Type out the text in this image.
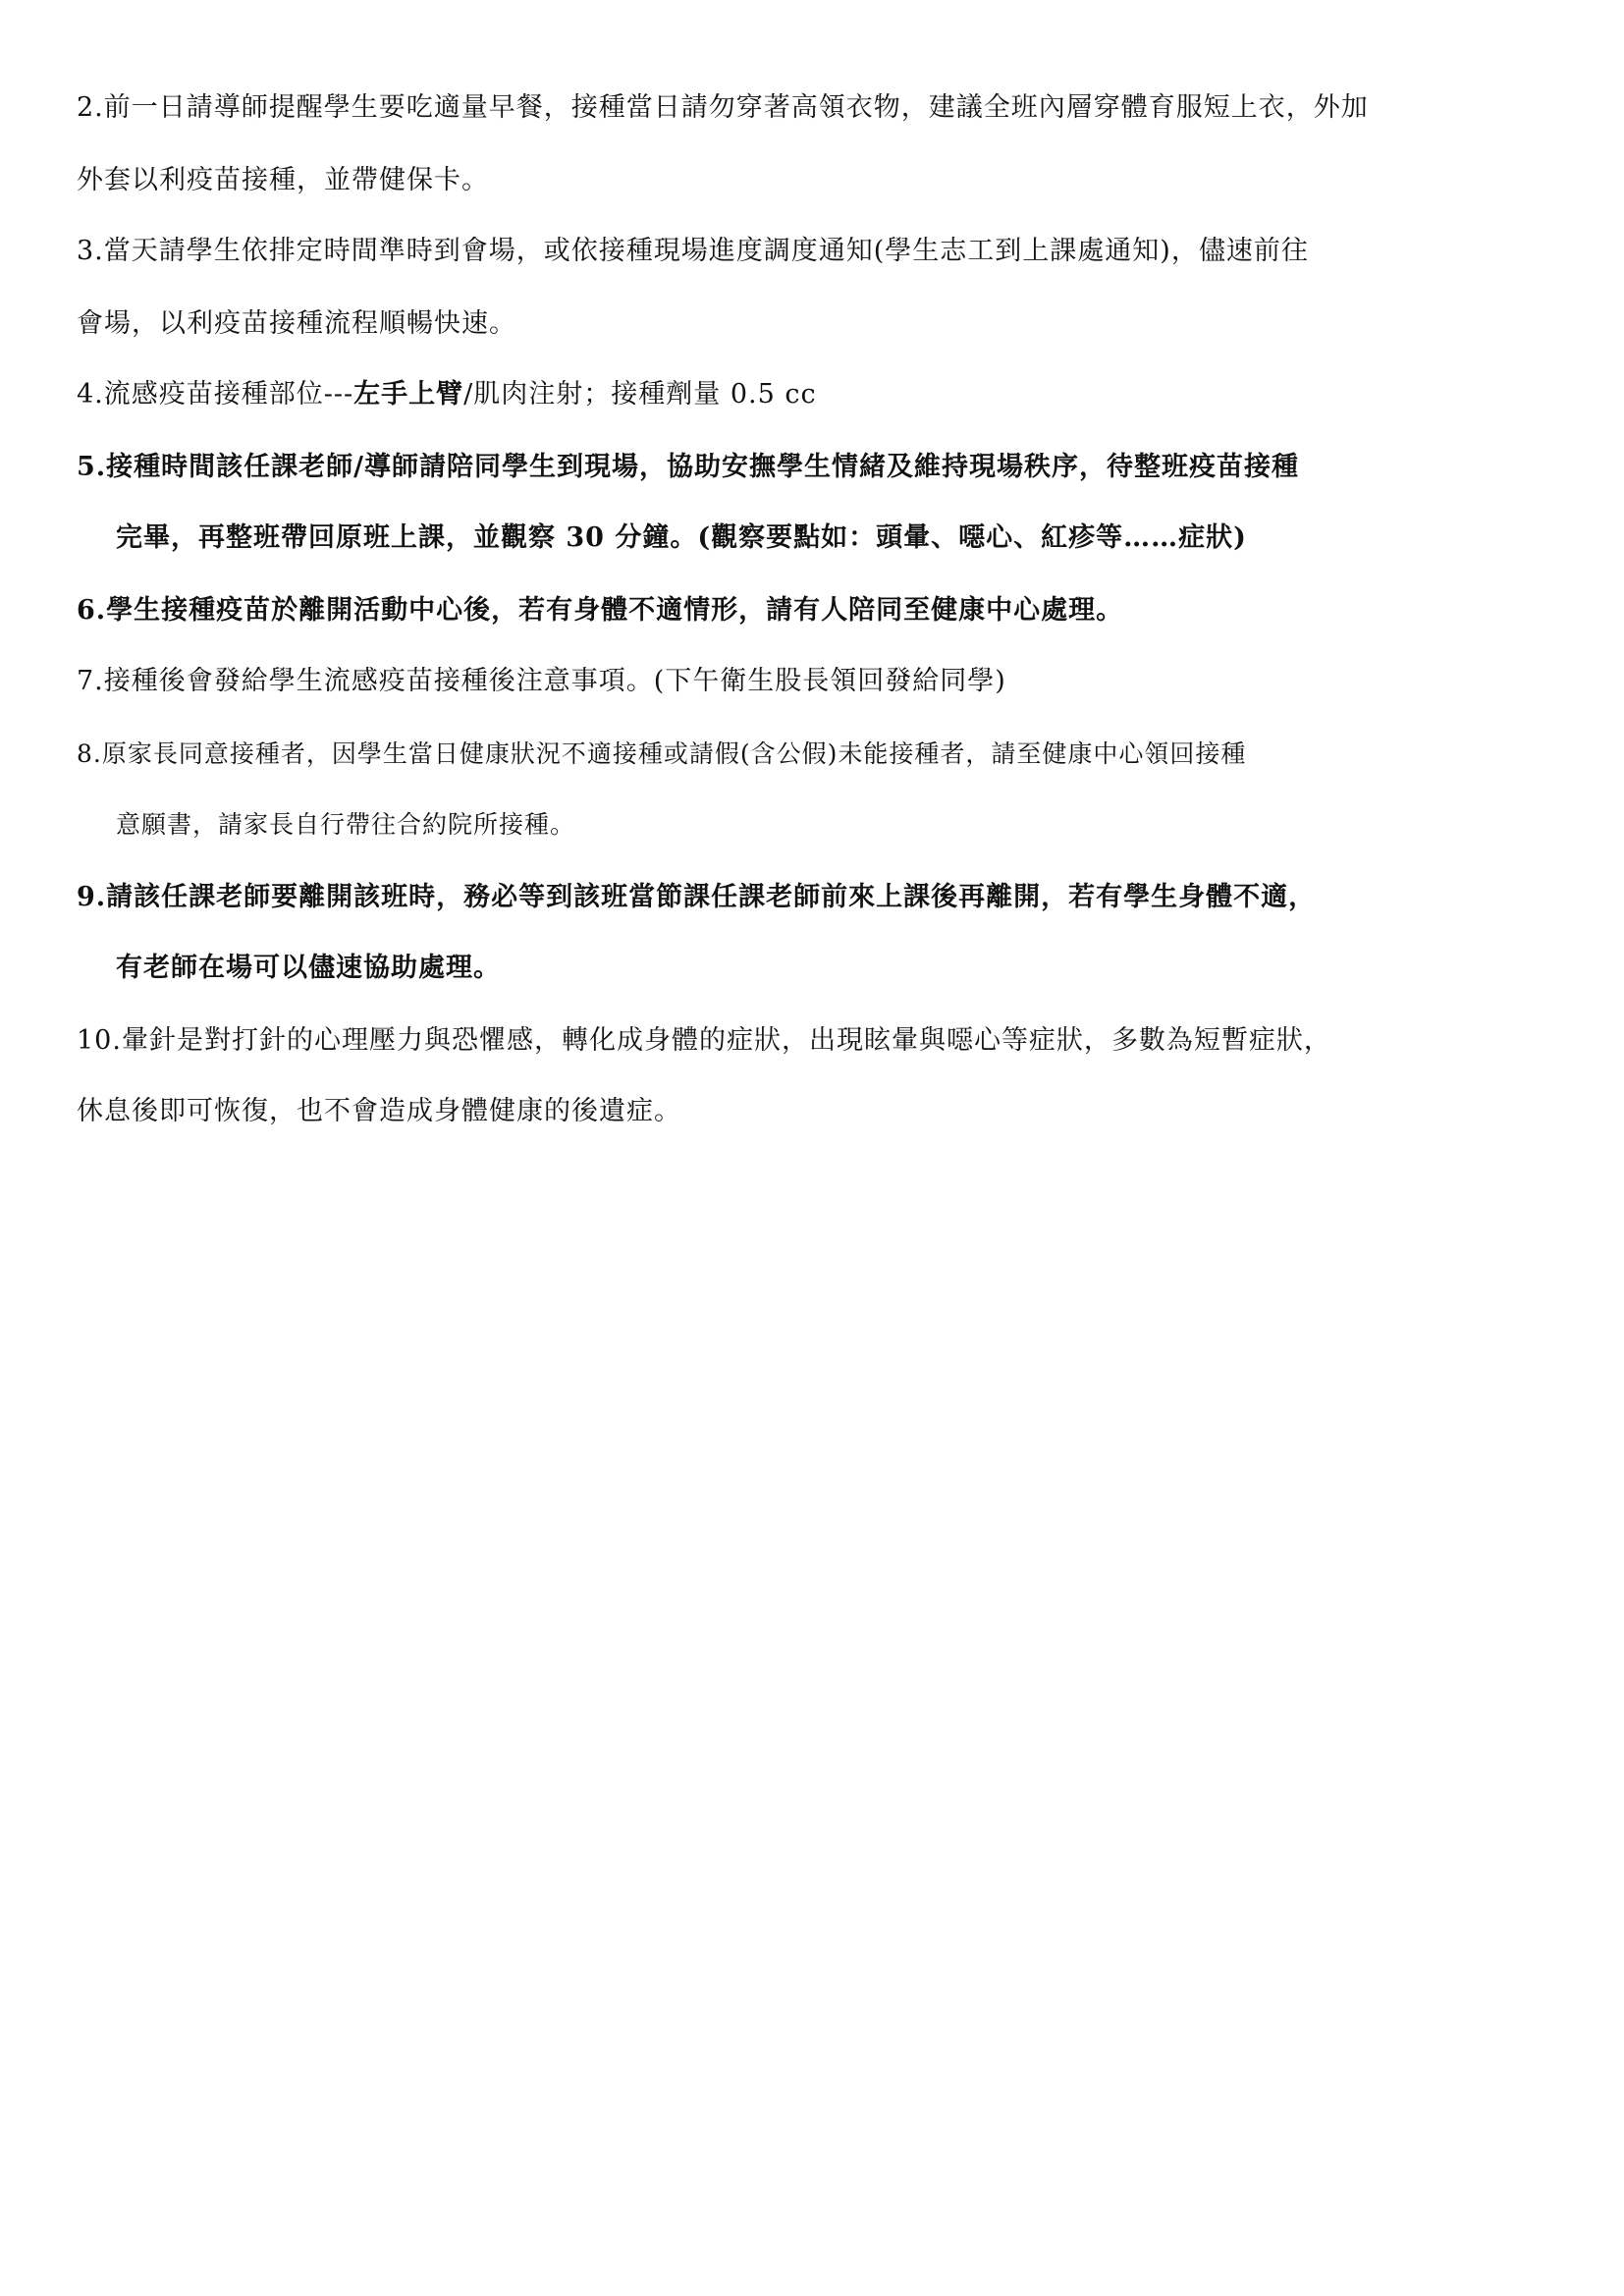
2.前一日請導師提醒學生要吃適量早餐，接種當日請勿穿著高領衣物，建議全班內層穿體育服短上衣，外加
外套以利疫苗接種，並帶健保卡。
3.當天請學生依排定時間準時到會場，或依接種現場進度調度通知(學生志工到上課處通知)，儘速前往
會場，以利疫苗接種流程順暢快速。
4.流感疫苗接種部位---左手上臂/肌肉注射；接種劑量 0.5 cc
5.接種時間該任課老師/導師請陪同學生到現場，協助安撫學生情緒及維持現場秩序，待整班疫苗接種
完畢，再整班帶回原班上課，並觀察 30 分鐘。(觀察要點如：頭暈、噁心、紅疹等……症狀)
6.學生接種疫苗於離開活動中心後，若有身體不適情形，請有人陪同至健康中心處理。
7.接種後會發給學生流感疫苗接種後注意事項。(下午衛生股長領回發給同學)
8.原家長同意接種者，因學生當日健康狀況不適接種或請假(含公假)未能接種者，請至健康中心領回接種
意願書，請家長自行帶往合約院所接種。
9.請該任課老師要離開該班時，務必等到該班當節課任課老師前來上課後再離開，若有學生身體不適，
有老師在場可以儘速協助處理。
10.暈針是對打針的心理壓力與恐懼感，轉化成身體的症狀，出現眩暈與噁心等症狀，多數為短暫症狀，
休息後即可恢復，也不會造成身體健康的後遺症。
